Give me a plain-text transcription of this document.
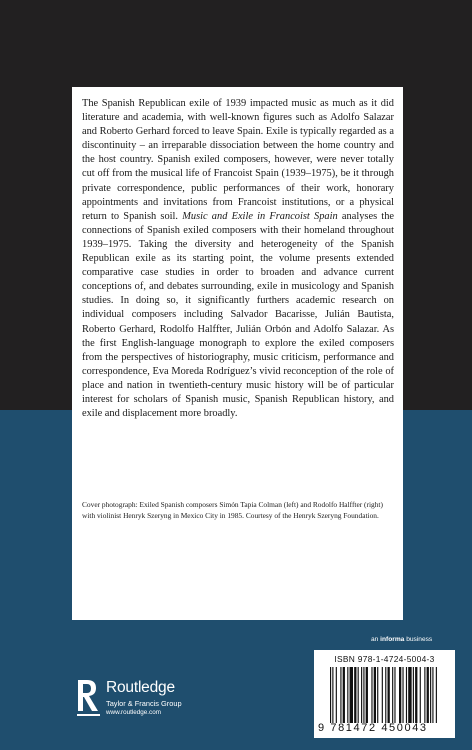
The Spanish Republican exile of 1939 impacted music as much as it did literature and academia, with well-known figures such as Adolfo Salazar and Roberto Gerhard forced to leave Spain. Exile is typically regarded as a discontinuity – an irreparable dissociation between the home country and the host country. Spanish exiled composers, however, were never totally cut off from the musical life of Francoist Spain (1939–1975), be it through private correspondence, public performances of their work, honorary appointments and invitations from Francoist institutions, or a physical return to Spanish soil. Music and Exile in Francoist Spain analyses the connections of Spanish exiled composers with their homeland throughout 1939–1975. Taking the diversity and heterogeneity of the Spanish Republican exile as its starting point, the volume presents extended comparative case studies in order to broaden and advance current conceptions of, and debates surrounding, exile in musicology and Spanish studies. In doing so, it significantly furthers academic research on individual composers including Salvador Bacarisse, Julián Bautista, Roberto Gerhard, Rodolfo Halffter, Julián Orbón and Adolfo Salazar. As the first English-language monograph to explore the exiled composers from the perspectives of historiography, music criticism, performance and correspondence, Eva Moreda Rodríguez’s vivid reconception of the role of place and nation in twentieth-century music history will be of particular interest for scholars of Spanish music, Spanish Republican history, and exile and displacement more broadly.

Cover photograph: Exiled Spanish composers Simón Tapia Colman (left) and Rodolfo Halffter (right) with violinist Henryk Szeryng in Mexico City in 1985. Courtesy of the Henryk Szeryng Foundation.

an informa business
Routledge
Taylor & Francis Group
www.routledge.com
ISBN 978-1-4724-5004-3
9 781472 450043
